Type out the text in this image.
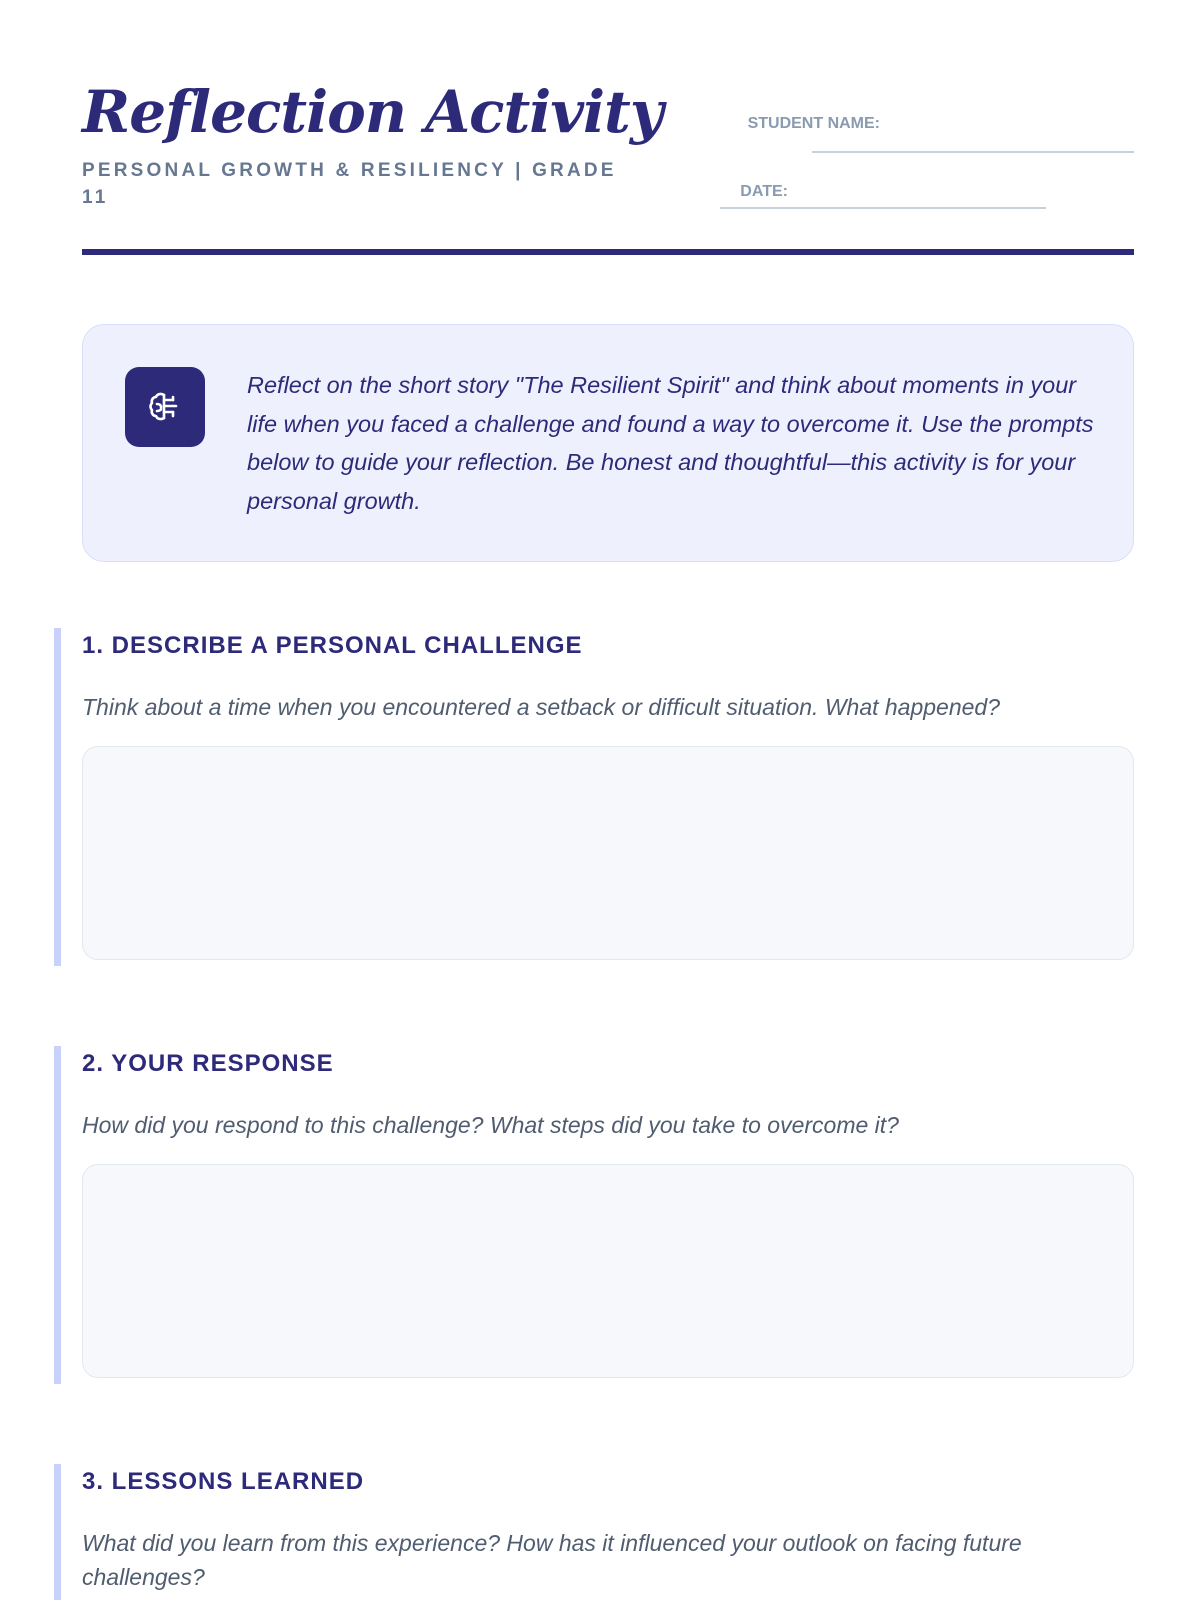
Reflection Activity
PERSONAL GROWTH & RESILIENCY | GRADE 11
STUDENT NAME:
DATE:
Reflect on the short story "The Resilient Spirit" and think about moments in your life when you faced a challenge and found a way to overcome it. Use the prompts below to guide your reflection. Be honest and thoughtful—this activity is for your personal growth.
1. DESCRIBE A PERSONAL CHALLENGE
Think about a time when you encountered a setback or difficult situation. What happened?
2. YOUR RESPONSE
How did you respond to this challenge? What steps did you take to overcome it?
3. LESSONS LEARNED
What did you learn from this experience? How has it influenced your outlook on facing future challenges?
